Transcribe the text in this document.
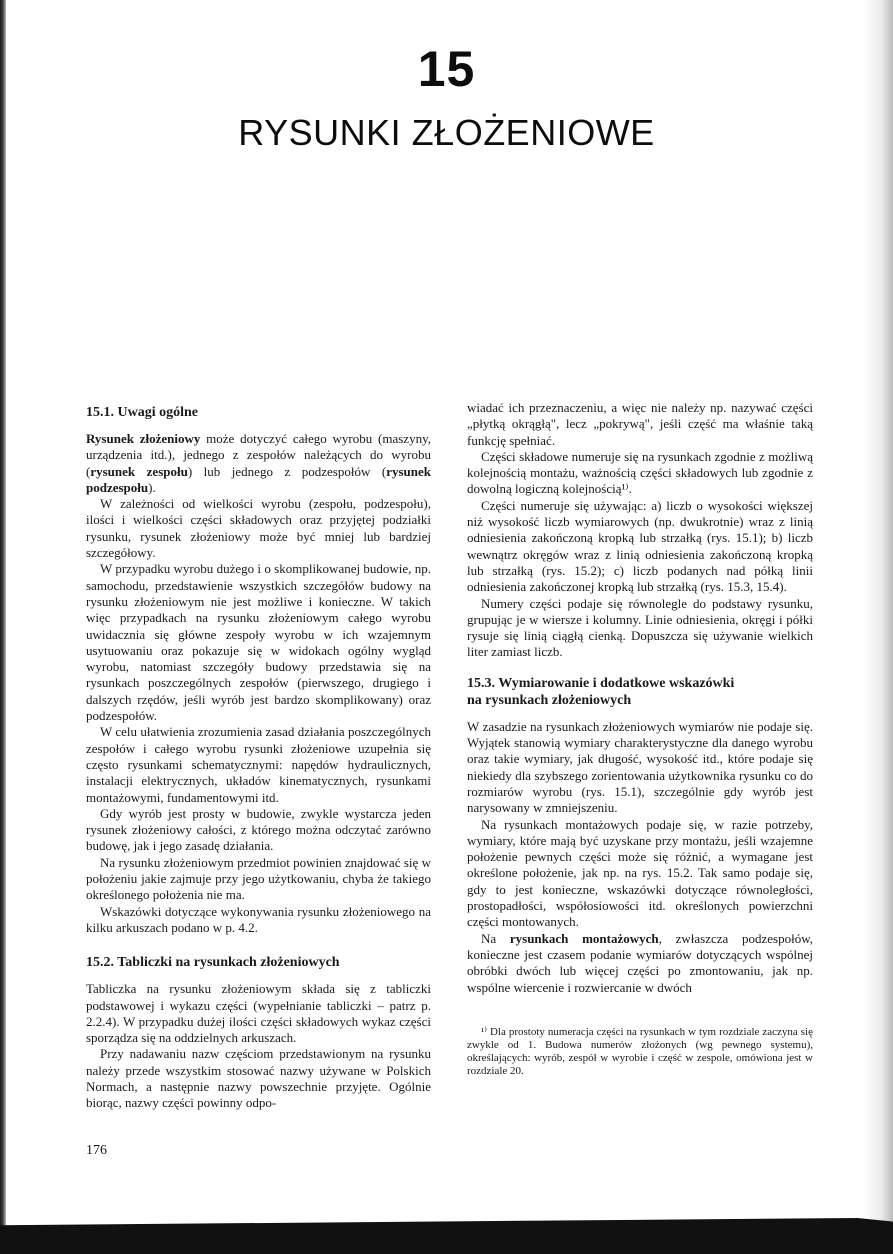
15
RYSUNKI ZŁOŻENIOWE
15.1. Uwagi ogólne

Rysunek złożeniowy może dotyczyć całego wyrobu (maszyny, urządzenia itd.), jednego z zespołów należących do wyrobu (rysunek zespołu) lub jednego z podzespołów (rysunek podzespołu).

W zależności od wielkości wyrobu (zespołu, podzespołu), ilości i wielkości części składowych oraz przyjętej podziałki rysunku, rysunek złożeniowy może być mniej lub bardziej szczegółowy.

W przypadku wyrobu dużego i o skomplikowanej budowie, np. samochodu, przedstawienie wszystkich szczegółów budowy na rysunku złożeniowym nie jest możliwe i konieczne. W takich więc przypadkach na rysunku złożeniowym całego wyrobu uwidacznia się główne zespoły wyrobu w ich wzajemnym usytuowaniu oraz pokazuje się w widokach ogólny wygląd wyrobu, natomiast szczegóły budowy przedstawia się na rysunkach poszczególnych zespołów (pierwszego, drugiego i dalszych rzędów, jeśli wyrób jest bardzo skomplikowany) oraz podzespołów.

W celu ułatwienia zrozumienia zasad działania poszczególnych zespołów i całego wyrobu rysunki złożeniowe uzupełnia się często rysunkami schematycznymi: napędów hydraulicznych, instalacji elektrycznych, układów kinematycznych, rysunkami montażowymi, fundamentowymi itd.

Gdy wyrób jest prosty w budowie, zwykle wystarcza jeden rysunek złożeniowy całości, z którego można odczytać zarówno budowę, jak i jego zasadę działania.

Na rysunku złożeniowym przedmiot powinien znajdować się w położeniu jakie zajmuje przy jego użytkowaniu, chyba że takiego określonego położenia nie ma.

Wskazówki dotyczące wykonywania rysunku złożeniowego na kilku arkuszach podano w p. 4.2.

15.2. Tabliczki na rysunkach złożeniowych

Tabliczka na rysunku złożeniowym składa się z tabliczki podstawowej i wykazu części (wypełnianie tabliczki – patrz p. 2.2.4). W przypadku dużej ilości części składowych wykaz części sporządza się na oddzielnych arkuszach.

Przy nadawaniu nazw częściom przedstawionym na rysunku należy przede wszystkim stosować nazwy używane w Polskich Normach, a następnie nazwy powszechnie przyjęte. Ogólnie biorąc, nazwy części powinny odpo-

wiadać ich przeznaczeniu, a więc nie należy np. nazywać części „płytką okrągłą", lecz „pokrywą", jeśli część ma właśnie taką funkcję spełniać.

Części składowe numeruje się na rysunkach zgodnie z możliwą kolejnością montażu, ważnością części składowych lub zgodnie z dowolną logiczną kolejnością¹⁾.

Części numeruje się używając: a) liczb o wysokości większej niż wysokość liczb wymiarowych (np. dwukrotnie) wraz z linią odniesienia zakończoną kropką lub strzałką (rys. 15.1); b) liczb wewnątrz okręgów wraz z linią odniesienia zakończoną kropką lub strzałką (rys. 15.2); c) liczb podanych nad półką linii odniesienia zakończonej kropką lub strzałką (rys. 15.3, 15.4).

Numery części podaje się równolegle do podstawy rysunku, grupując je w wiersze i kolumny. Linie odniesienia, okręgi i półki rysuje się linią ciągłą cienką. Dopuszcza się używanie wielkich liter zamiast liczb.

15.3. Wymiarowanie i dodatkowe wskazówki
na rysunkach złożeniowych

W zasadzie na rysunkach złożeniowych wymiarów nie podaje się. Wyjątek stanowią wymiary charakterystyczne dla danego wyrobu oraz takie wymiary, jak długość, wysokość itd., które podaje się niekiedy dla szybszego zorientowania użytkownika rysunku co do rozmiarów wyrobu (rys. 15.1), szczególnie gdy wyrób jest narysowany w zmniejszeniu.

Na rysunkach montażowych podaje się, w razie potrzeby, wymiary, które mają być uzyskane przy montażu, jeśli wzajemne położenie pewnych części może się różnić, a wymagane jest określone położenie, jak np. na rys. 15.2. Tak samo podaje się, gdy to jest konieczne, wskazówki dotyczące równoległości, prostopadłości, współosiowości itd. określonych powierzchni części montowanych.

Na rysunkach montażowych, zwłaszcza podzespołów, konieczne jest czasem podanie wymiarów dotyczących wspólnej obróbki dwóch lub więcej części po zmontowaniu, jak np. wspólne wiercenie i rozwiercanie w dwóch

¹⁾ Dla prostoty numeracja części na rysunkach w tym rozdziale zaczyna się zwykle od 1. Budowa numerów złożonych (wg pewnego systemu), określających: wyrób, zespół w wyrobie i część w zespole, omówiona jest w rozdziale 20.

176
